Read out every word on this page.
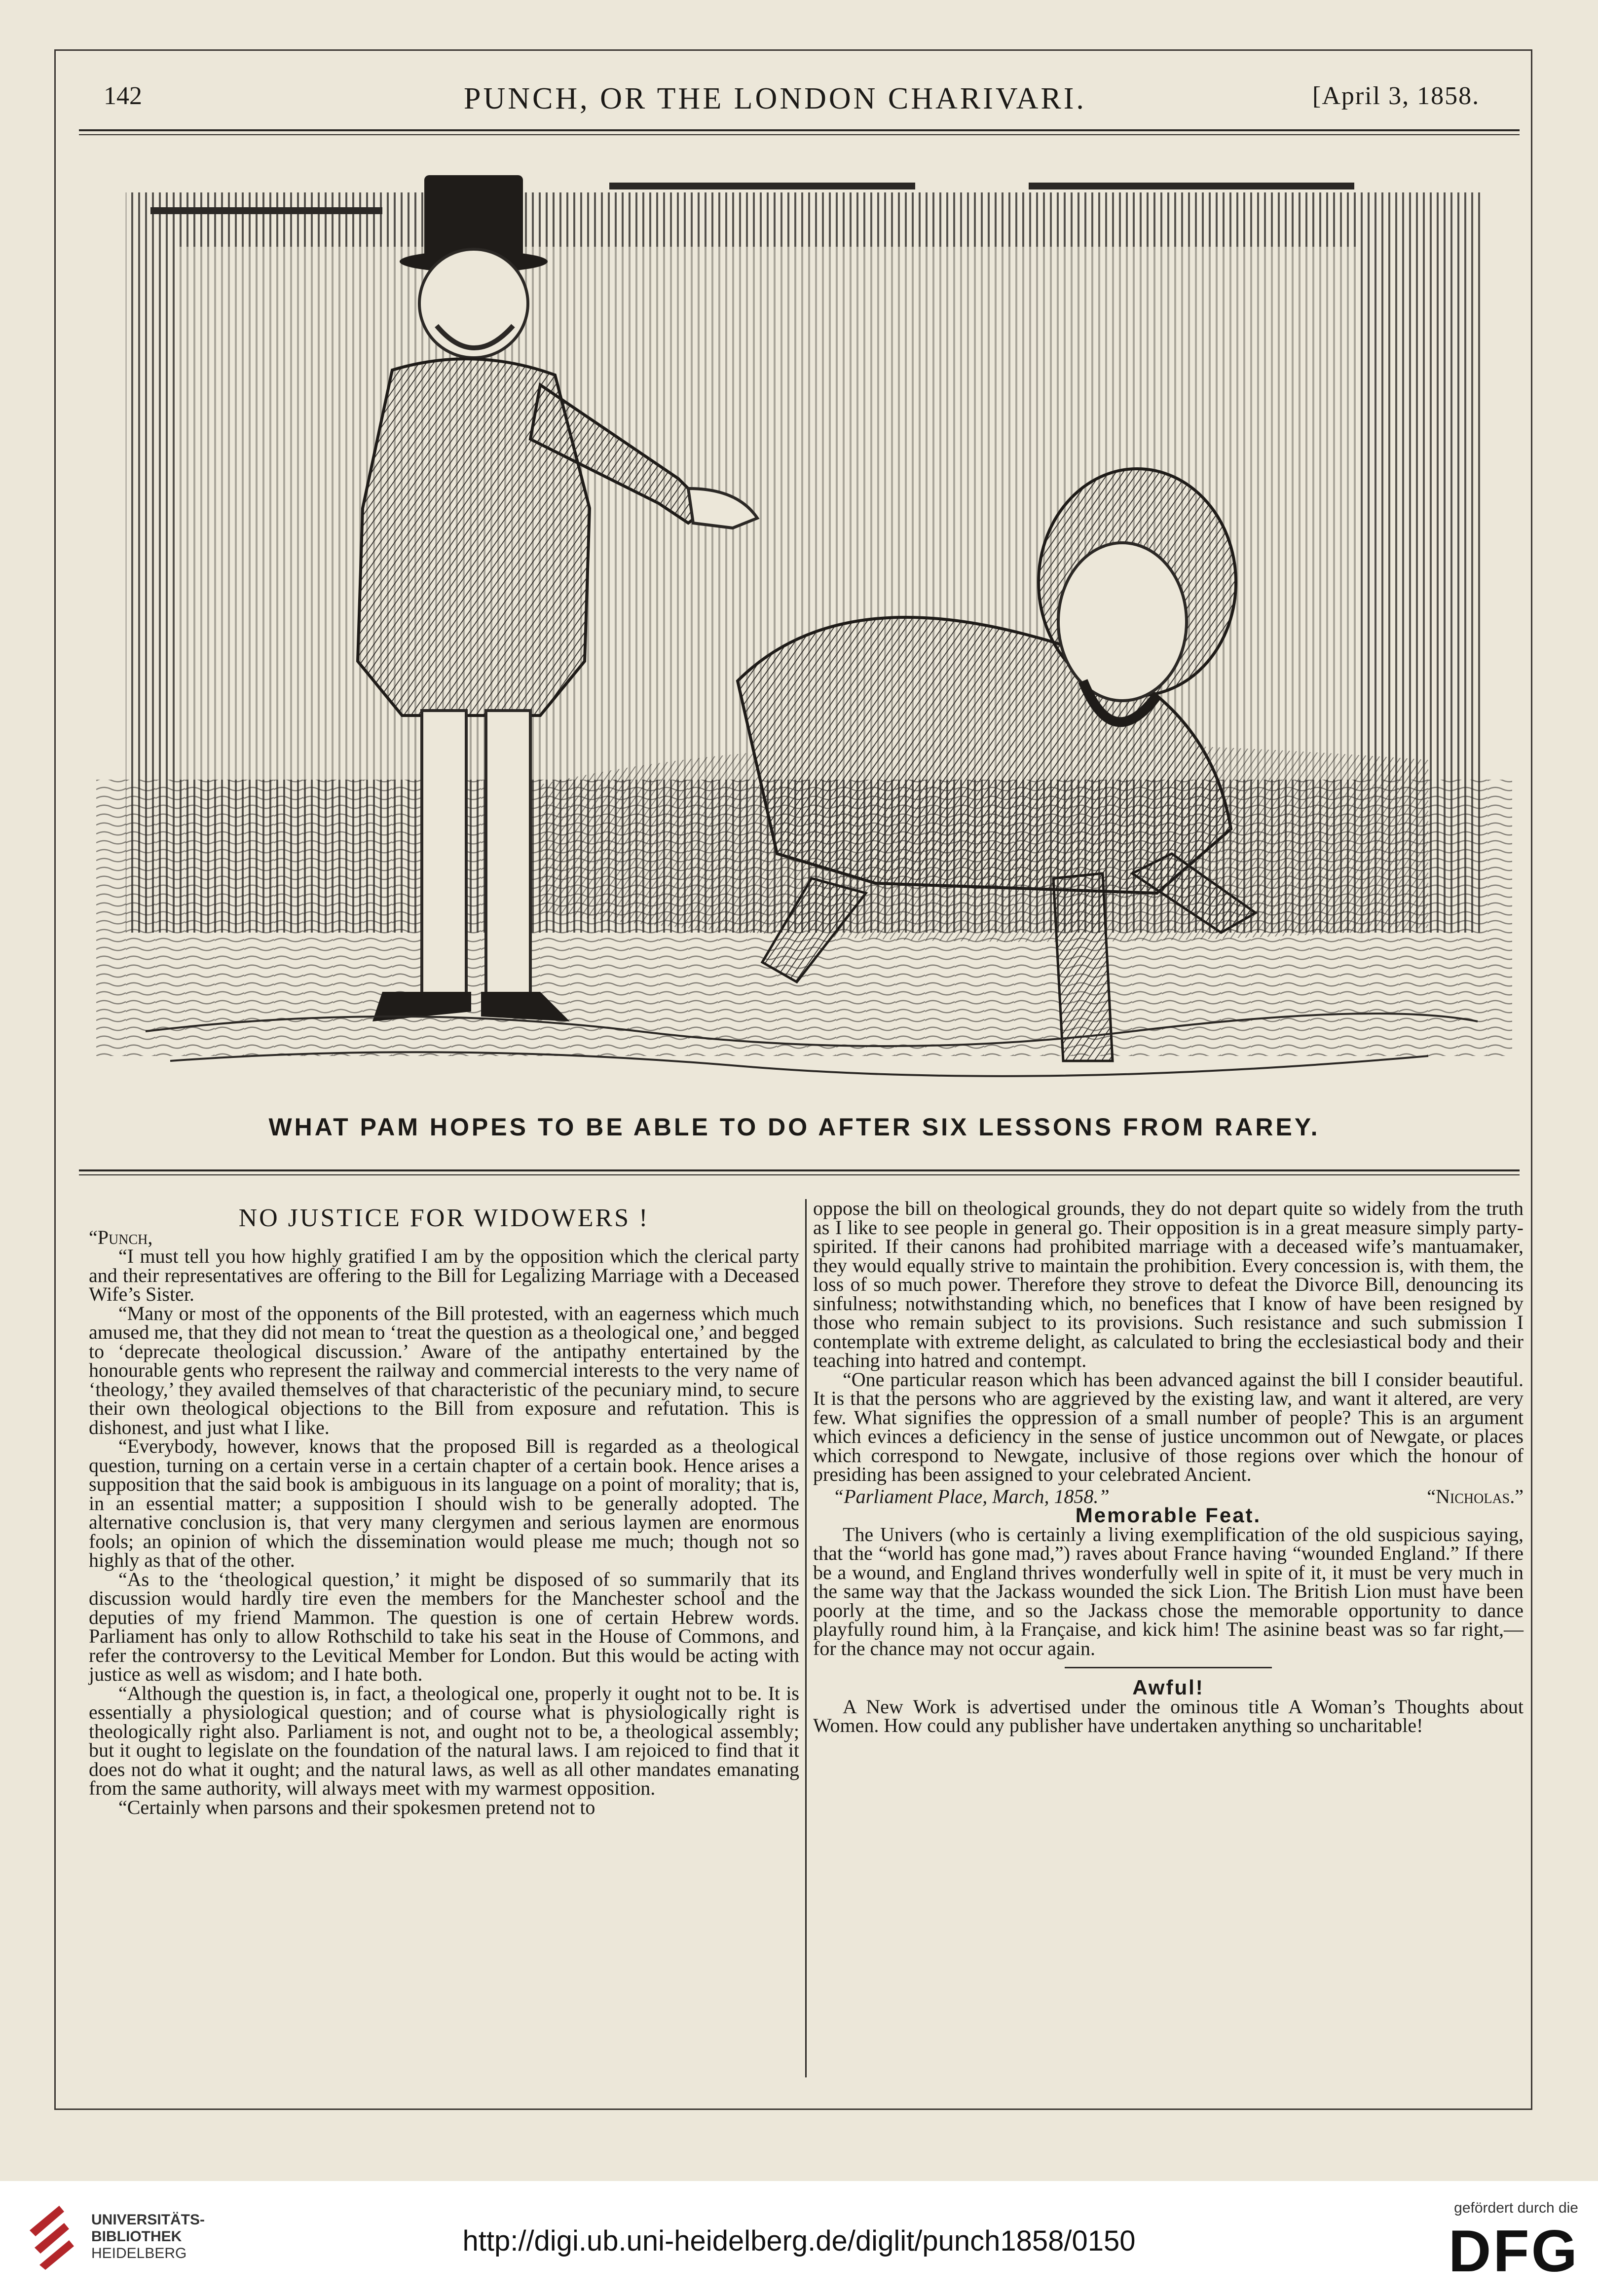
142	PUNCH, OR THE LONDON CHARIVARI.	[April 3, 1858.
WHAT PAM HOPES TO BE ABLE TO DO AFTER SIX LESSONS FROM RAREY.

NO JUSTICE FOR WIDOWERS !

“Punch,

“I must tell you how highly gratified I am by the opposition which the clerical party and their representatives are offering to the Bill for Legalizing Marriage with a Deceased Wife’s Sister.

“Many or most of the opponents of the Bill protested, with an eagerness which much amused me, that they did not mean to ‘treat the question as a theological one,’ and begged to ‘deprecate theological discussion.’ Aware of the antipathy entertained by the honourable gents who represent the railway and commercial interests to the very name of ‘theology,’ they availed themselves of that characteristic of the pecuniary mind, to secure their own theological objections to the Bill from exposure and refutation. This is dishonest, and just what I like.

“Everybody, however, knows that the proposed Bill is regarded as a theological question, turning on a certain verse in a certain chapter of a certain book. Hence arises a supposition that the said book is ambiguous in its language on a point of morality; that is, in an essential matter; a supposition I should wish to be generally adopted. The alternative conclusion is, that very many clergymen and serious laymen are enormous fools; an opinion of which the dissemination would please me much; though not so highly as that of the other.

“As to the ‘theological question,’ it might be disposed of so summarily that its discussion would hardly tire even the members for the Manchester school and the deputies of my friend Mammon. The question is one of certain Hebrew words. Parliament has only to allow Rothschild to take his seat in the House of Commons, and refer the controversy to the Levitical Member for London. But this would be acting with justice as well as wisdom; and I hate both.

“Although the question is, in fact, a theological one, properly it ought not to be. It is essentially a physiological question; and of course what is physiologically right is theologically right also. Parliament is not, and ought not to be, a theological assembly; but it ought to legislate on the foundation of the natural laws. I am rejoiced to find that it does not do what it ought; and the natural laws, as well as all other mandates emanating from the same authority, will always meet with my warmest opposition.

“Certainly when parsons and their spokesmen pretend not to

oppose the bill on theological grounds, they do not depart quite so widely from the truth as I like to see people in general go. Their opposition is in a great measure simply party-spirited. If their canons had prohibited marriage with a deceased wife’s mantuamaker, they would equally strive to maintain the prohibition. Every concession is, with them, the loss of so much power. Therefore they strove to defeat the Divorce Bill, denouncing its sinfulness; notwithstanding which, no benefices that I know of have been resigned by those who remain subject to its provisions. Such resistance and such submission I contemplate with extreme delight, as calculated to bring the ecclesiastical body and their teaching into hatred and contempt.

“One particular reason which has been advanced against the bill I consider beautiful. It is that the persons who are aggrieved by the existing law, and want it altered, are very few. What signifies the oppression of a small number of people? This is an argument which evinces a deficiency in the sense of justice uncommon out of Newgate, or places which correspond to Newgate, inclusive of those regions over which the honour of presiding has been assigned to your celebrated Ancient.

“Parliament Place, March, 1858.”	“Nicholas.”

Memorable Feat.

The Univers (who is certainly a living exemplification of the old suspicious saying, that the “world has gone mad,”) raves about France having “wounded England.” If there be a wound, and England thrives wonderfully well in spite of it, it must be very much in the same way that the Jackass wounded the sick Lion. The British Lion must have been poorly at the time, and so the Jackass chose the memorable opportunity to dance playfully round him, à la Française, and kick him! The asinine beast was so far right,—for the chance may not occur again.

Awful!

A New Work is advertised under the ominous title A Woman’s Thoughts about Women. How could any publisher have undertaken anything so uncharitable!

UNIVERSITÄTS-
BIBLIOTHEK
HEIDELBERG	http://digi.ub.uni-heidelberg.de/diglit/punch1858/0150
gefördert durch die
DFG
